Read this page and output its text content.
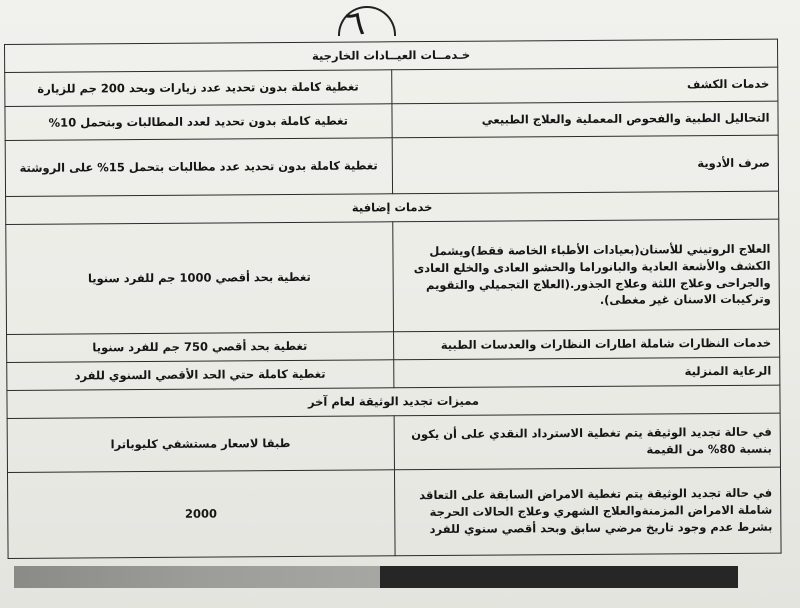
٦
خـدمــات العيــادات الخارجية	
خدمات الكشف	تغطية كاملة بدون تحديد عدد زيارات وبحد 200 جم للزيارة
التحاليل الطبية والفحوص المعملية والعلاج الطبيعي	تغطية كاملة بدون تحديد لعدد المطالبات وبتحمل 10%
صرف الأدوية	تغطية كاملة بدون تحديد عدد مطالبات بتحمل 15% على الروشتة
خدمات إضافية	
العلاج الروتيني للأسنان(بعيادات الأطباء الخاصة فقط)ويشمل الكشف والأشعة العادية والبانوراما والحشو العادى والخلع العادى والجراحى وعلاج اللثة وعلاج الجذور.(العلاج التجميلي والتقويم وتركيبات الاسنان غير مغطى).	تغطية بحد أقصي 1000 جم للفرد سنويا
خدمات النظارات شاملة اطارات النظارات والعدسات الطبية	تغطية بحد أقصي 750 جم للفرد سنويا
الرعاية المنزلية	تغطية كاملة حتي الحد الأقصي السنوي للفرد
مميزات تجديد الوثيقة لعام آخر	
في حالة تجديد الوثيقة يتم تغطية الاسترداد النقدي على أن يكون بنسبة 80% من القيمة	طبقا لاسعار مستشفي كليوباترا
في حالة تجديد الوثيقة يتم تغطية الامراض السابقة على التعاقد شاملة الامراض المزمنةوالعلاج الشهري وعلاج الحالات الحرجة بشرط عدم وجود تاريخ مرضي سابق وبحد أقصي سنوي للفرد	2000
